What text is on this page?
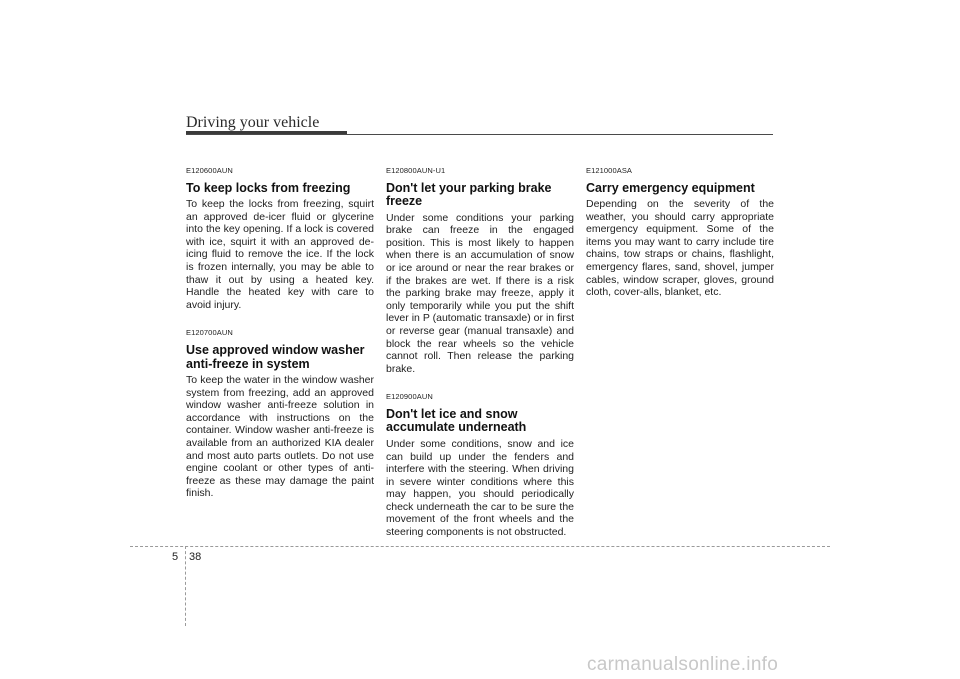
Driving your vehicle
E120600AUN
To keep locks from freezing
To keep the locks from freezing, squirt an approved de-icer fluid or glycerine into the key opening. If a lock is covered with ice, squirt it with an approved de-icing fluid to remove the ice. If the lock is frozen internally, you may be able to thaw it out by using a heated key. Handle the heated key with care to avoid injury.
E120700AUN
Use approved window washer anti-freeze in system
To keep the water in the window washer system from freezing, add an approved window washer anti-freeze solution in accordance with instructions on the container. Window washer anti-freeze is available from an authorized KIA dealer and most auto parts outlets. Do not use engine coolant or other types of anti-freeze as these may damage the paint finish.
E120800AUN-U1
Don't let your parking brake freeze
Under some conditions your parking brake can freeze in the engaged position. This is most likely to happen when there is an accumulation of snow or ice around or near the rear brakes or if the brakes are wet. If there is a risk the parking brake may freeze, apply it only temporarily while you put the shift lever in P (automatic transaxle) or in first or reverse gear (manual transaxle) and block the rear wheels so the vehicle cannot roll. Then release the parking brake.
E120900AUN
Don't let ice and snow accumulate underneath
Under some conditions, snow and ice can build up under the fenders and interfere with the steering. When driving in severe winter conditions where this may happen, you should periodically check underneath the car to be sure the movement of the front wheels and the steering components is not obstructed.
E121000ASA
Carry emergency equipment
Depending on the severity of the weather, you should carry appropriate emergency equipment. Some of the items you may want to carry include tire chains, tow straps or chains, flashlight, emergency flares, sand, shovel, jumper cables, window scraper, gloves, ground cloth, cover-alls, blanket, etc.
5 38
carmanualsonline.info
